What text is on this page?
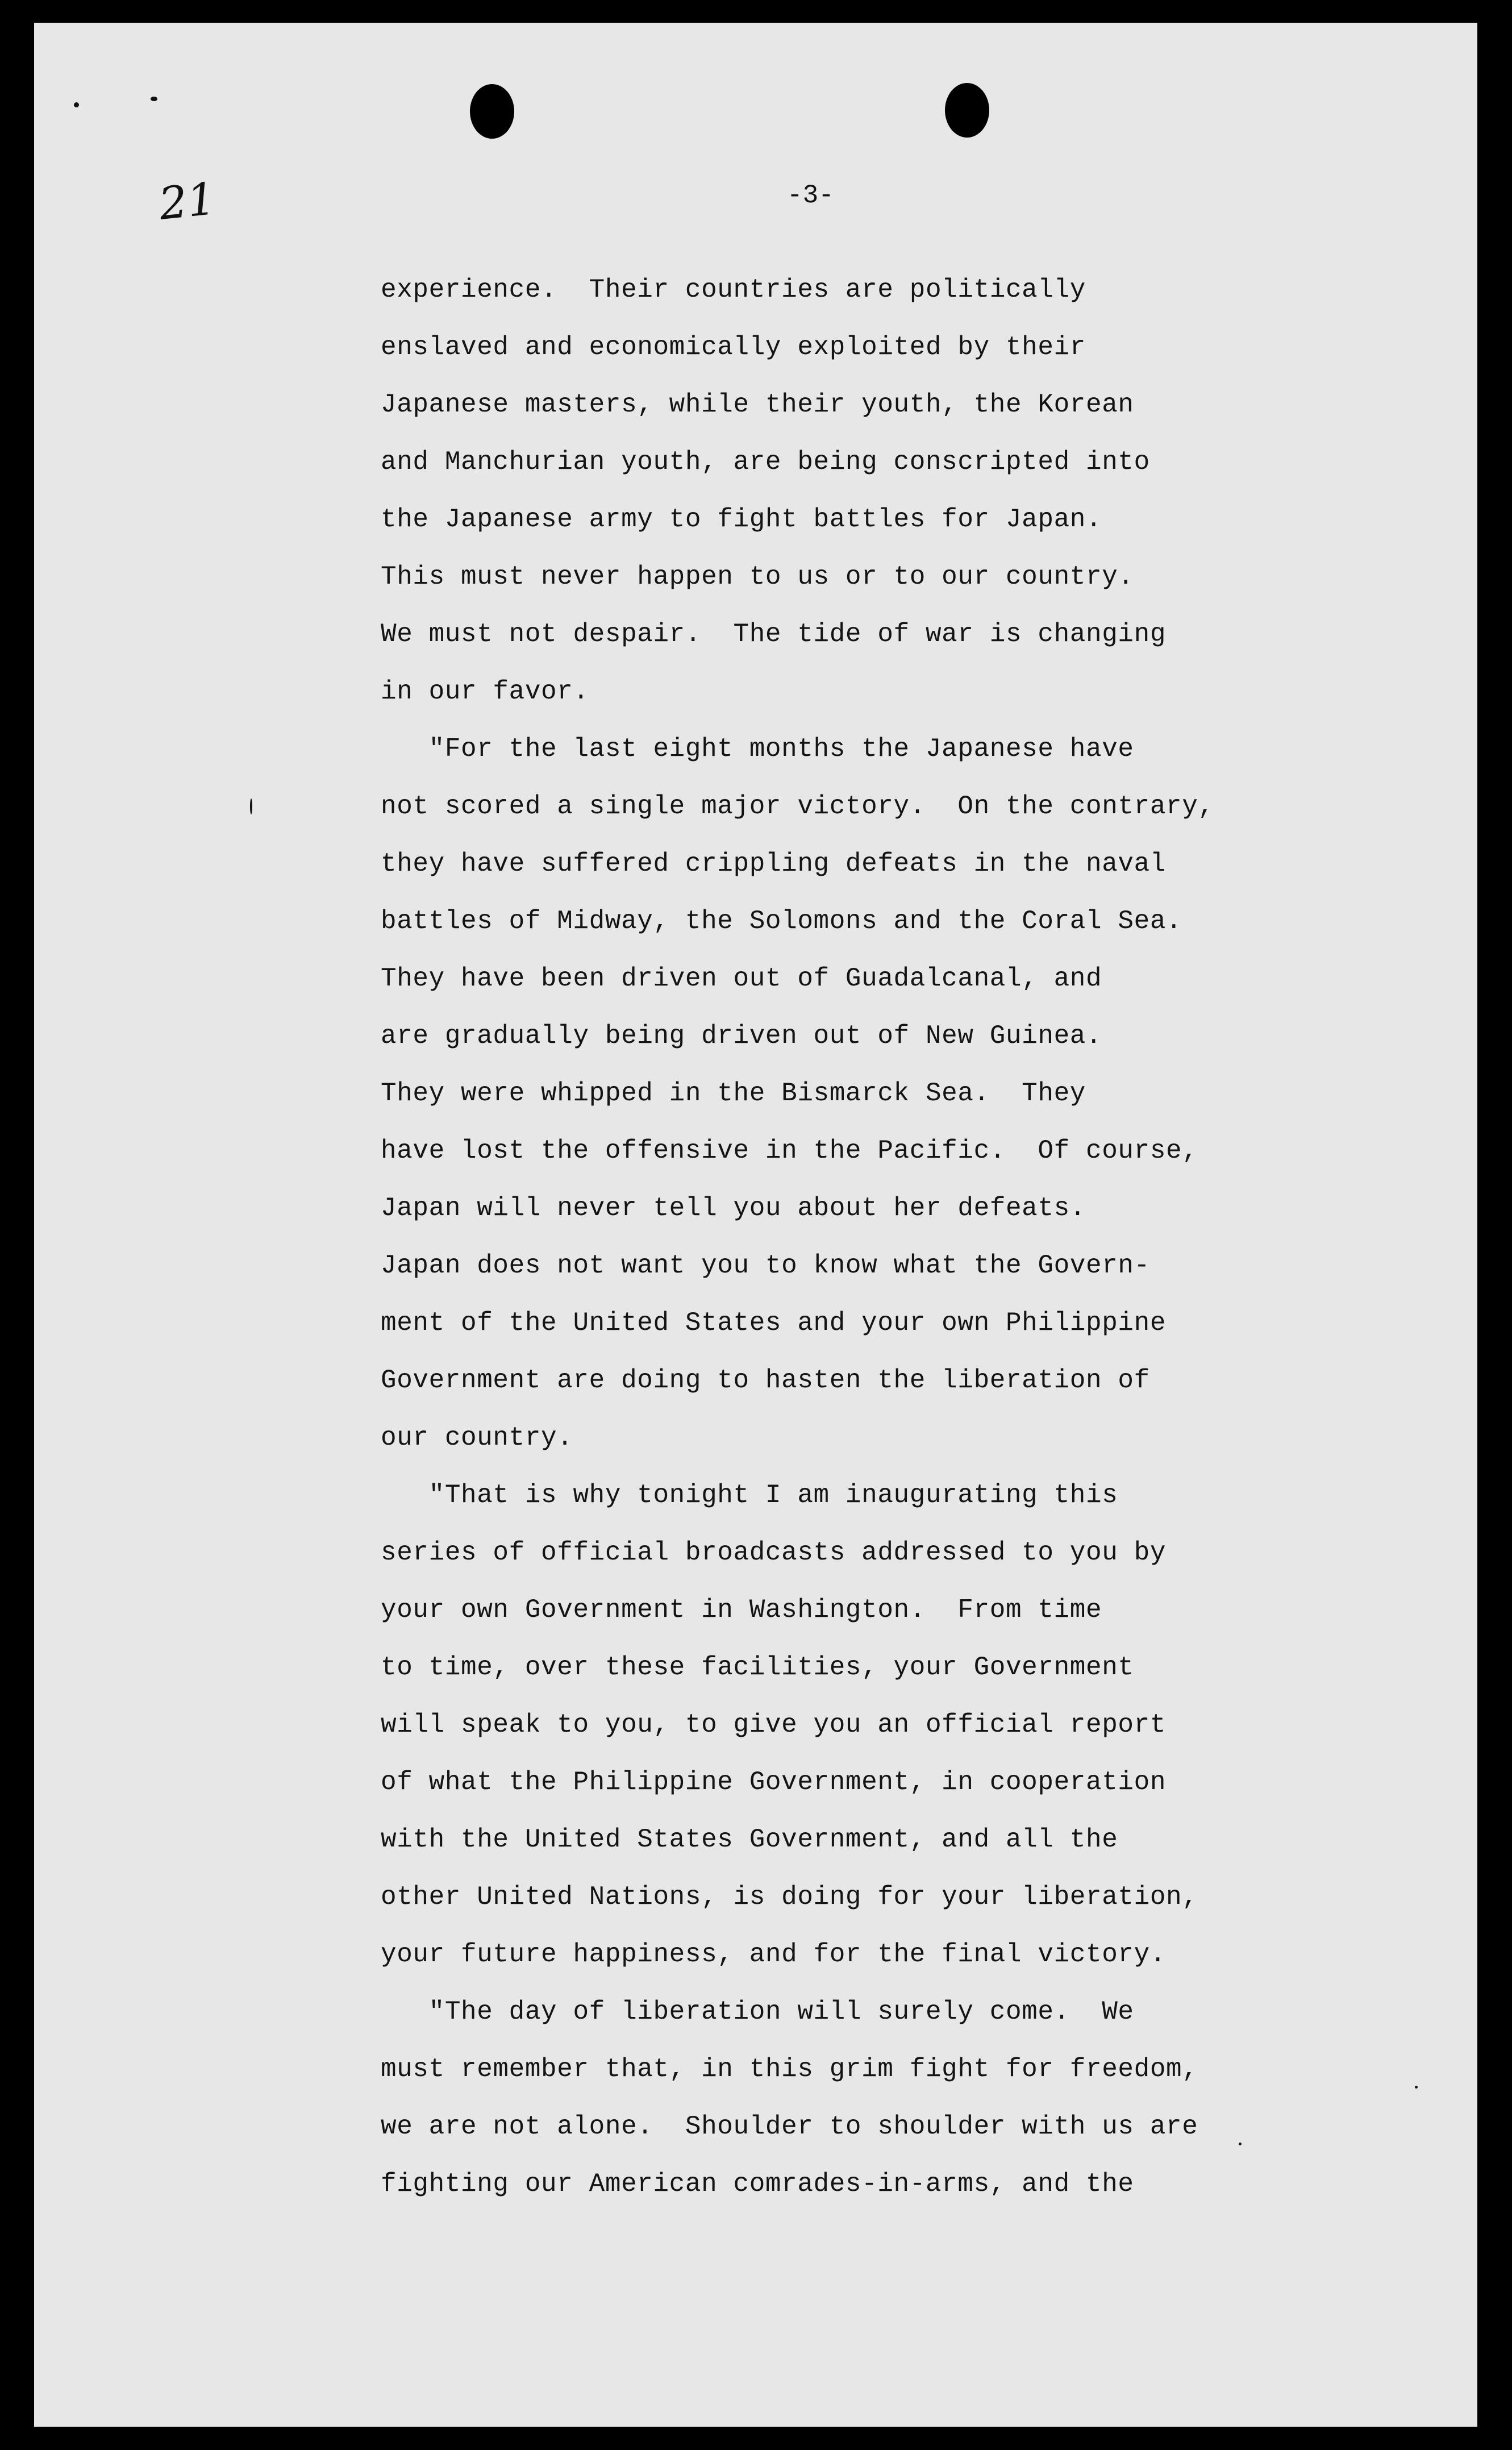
21	-3-
experience.  Their countries are politically
enslaved and economically exploited by their
Japanese masters, while their youth, the Korean
and Manchurian youth, are being conscripted into
the Japanese army to fight battles for Japan.
This must never happen to us or to our country.
We must not despair.  The tide of war is changing
in our favor.
"For the last eight months the Japanese have
not scored a single major victory.  On the contrary,
they have suffered crippling defeats in the naval
battles of Midway, the Solomons and the Coral Sea.
They have been driven out of Guadalcanal, and
are gradually being driven out of New Guinea.
They were whipped in the Bismarck Sea.  They
have lost the offensive in the Pacific.  Of course,
Japan will never tell you about her defeats.
Japan does not want you to know what the Govern-
ment of the United States and your own Philippine
Government are doing to hasten the liberation of
our country.
"That is why tonight I am inaugurating this
series of official broadcasts addressed to you by
your own Government in Washington.  From time
to time, over these facilities, your Government
will speak to you, to give you an official report
of what the Philippine Government, in cooperation
with the United States Government, and all the
other United Nations, is doing for your liberation,
your future happiness, and for the final victory.
"The day of liberation will surely come.  We
must remember that, in this grim fight for freedom,
we are not alone.  Shoulder to shoulder with us are
fighting our American comrades-in-arms, and the
